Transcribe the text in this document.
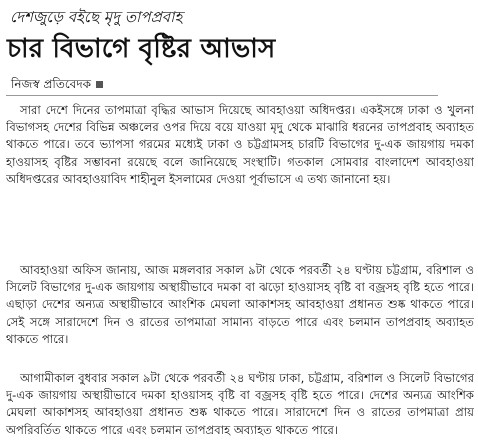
দেশজুড়ে বইছে মৃদু তাপপ্রবাহ
চার বিভাগে বৃষ্টির আভাস
নিজস্ব প্রতিবেদক
সারা দেশে দিনের তাপমাত্রা বৃদ্ধির আভাস দিয়েছে আবহাওয়া অধিদপ্তর। একইসঙ্গে ঢাকা ও খুলনা বিভাগসহ দেশের বিভিন্ন অঞ্চলের ওপর দিয়ে বয়ে যাওয়া মৃদু থেকে মাঝারি ধরনের তাপপ্রবাহ অব্যাহত থাকতে পারে। তবে ভ্যাপসা গরমের মধ্যেই ঢাকা ও চট্টগ্রামসহ চারটি বিভাগের দু-এক জায়গায় দমকা হাওয়াসহ বৃষ্টির সম্ভাবনা রয়েছে বলে জানিয়েছে সংস্থাটি। গতকাল সোমবার বাংলাদেশ আবহাওয়া অধিদপ্তরের আবহাওয়াবিদ শাহীনুল ইসলামের দেওয়া পূর্বাভাসে এ তথ্য জানানো হয়।
আবহাওয়া অফিস জানায়, আজ মঙ্গলবার সকাল ৯টা থেকে পরবর্তী ২৪ ঘণ্টায় চট্টগ্রাম, বরিশাল ও সিলেট বিভাগের দু-এক জায়গায় অস্থায়ীভাবে দমকা বা ঝড়ো হাওয়াসহ বৃষ্টি বা বজ্রসহ বৃষ্টি হতে পারে। এছাড়া দেশের অন্যত্র অস্থায়ীভাবে আংশিক মেঘলা আকাশসহ আবহাওয়া প্রধানত শুষ্ক থাকতে পারে। সেই সঙ্গে সারাদেশে দিন ও রাতের তাপমাত্রা সামান্য বাড়তে পারে এবং চলমান তাপপ্রবাহ অব্যাহত থাকতে পারে।
আগামীকাল বুধবার সকাল ৯টা থেকে পরবর্তী ২৪ ঘণ্টায় ঢাকা, চট্টগ্রাম, বরিশাল ও সিলেট বিভাগের দু-এক জায়গায় অস্থায়ীভাবে দমকা হাওয়াসহ বৃষ্টি বা বজ্রসহ বৃষ্টি হতে পারে। দেশের অন্যত্র আংশিক মেঘলা আকাশসহ আবহাওয়া প্রধানত শুষ্ক থাকতে পারে। সারাদেশে দিন ও রাতের তাপমাত্রা প্রায় অপরিবর্তিত থাকতে পারে এবং চলমান তাপপ্রবাহ অব্যাহত থাকতে পারে।
